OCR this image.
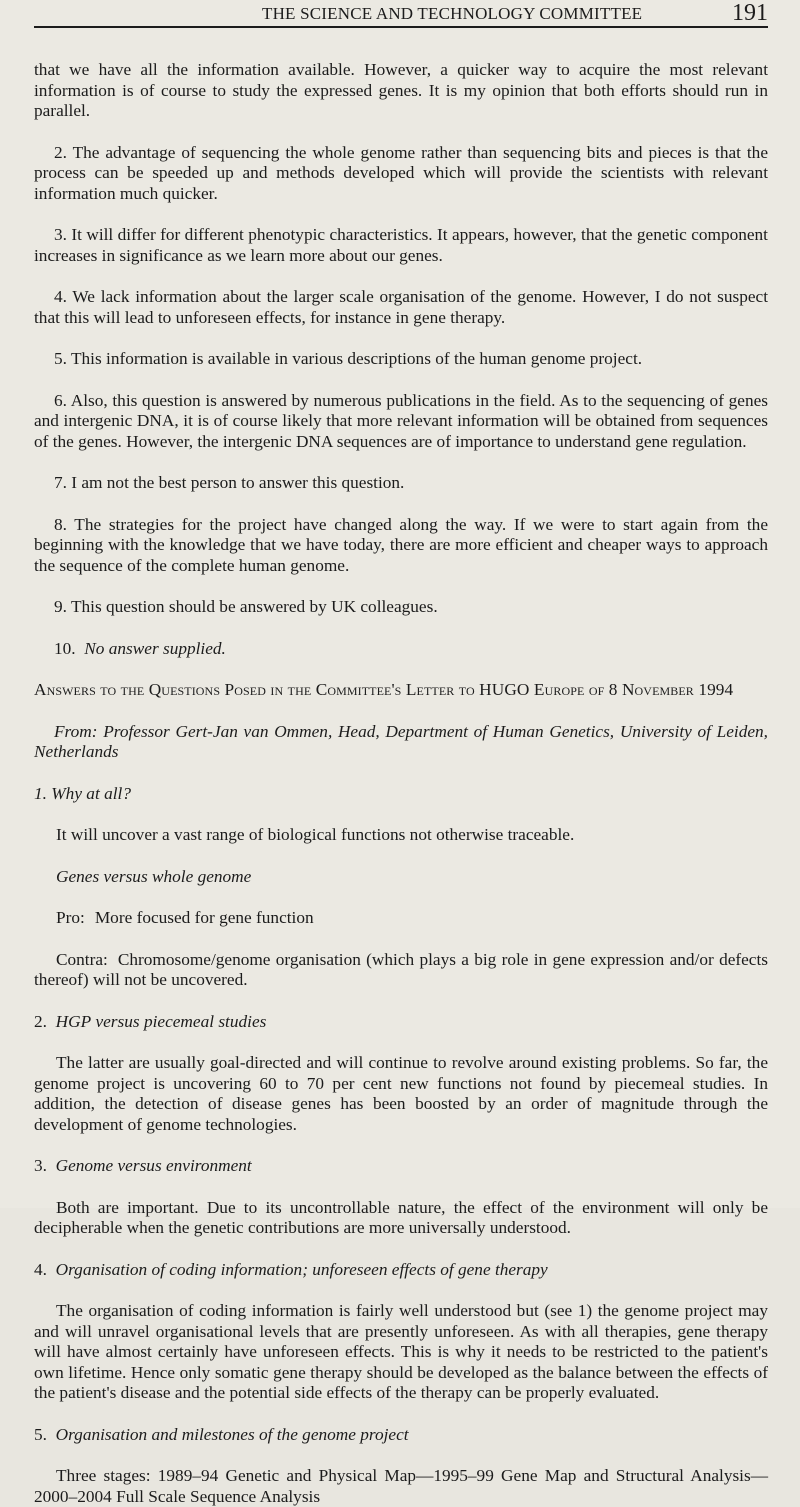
THE SCIENCE AND TECHNOLOGY COMMITTEE	191

that we have all the information available. However, a quicker way to acquire the most relevant information is of course to study the expressed genes. It is my opinion that both efforts should run in parallel.

2. The advantage of sequencing the whole genome rather than sequencing bits and pieces is that the process can be speeded up and methods developed which will provide the scientists with relevant information much quicker.

3. It will differ for different phenotypic characteristics. It appears, however, that the genetic component increases in significance as we learn more about our genes.

4. We lack information about the larger scale organisation of the genome. However, I do not suspect that this will lead to unforeseen effects, for instance in gene therapy.

5. This information is available in various descriptions of the human genome project.

6. Also, this question is answered by numerous publications in the field. As to the sequencing of genes and intergenic DNA, it is of course likely that more relevant information will be obtained from sequences of the genes. However, the intergenic DNA sequences are of importance to understand gene regulation.

7. I am not the best person to answer this question.

8. The strategies for the project have changed along the way. If we were to start again from the beginning with the knowledge that we have today, there are more efficient and cheaper ways to approach the sequence of the complete human genome.

9. This question should be answered by UK colleagues.

10. No answer supplied.

Answers to the Questions Posed in the Committee's Letter to HUGO Europe of 8 November 1994

From: Professor Gert-Jan van Ommen, Head, Department of Human Genetics, University of Leiden, Netherlands

1. Why at all?

It will uncover a vast range of biological functions not otherwise traceable.

Genes versus whole genome

Pro: More focused for gene function

Contra: Chromosome/genome organisation (which plays a big role in gene expression and/or defects thereof) will not be uncovered.

2. HGP versus piecemeal studies

The latter are usually goal-directed and will continue to revolve around existing problems. So far, the genome project is uncovering 60 to 70 per cent new functions not found by piecemeal studies. In addition, the detection of disease genes has been boosted by an order of magnitude through the development of genome technologies.

3. Genome versus environment

Both are important. Due to its uncontrollable nature, the effect of the environment will only be decipherable when the genetic contributions are more universally understood.

4. Organisation of coding information; unforeseen effects of gene therapy

The organisation of coding information is fairly well understood but (see 1) the genome project may and will unravel organisational levels that are presently unforeseen. As with all therapies, gene therapy will have almost certainly have unforeseen effects. This is why it needs to be restricted to the patient's own lifetime. Hence only somatic gene therapy should be developed as the balance between the effects of the patient's disease and the potential side effects of the therapy can be properly evaluated.

5. Organisation and milestones of the genome project

Three stages: 1989–94 Genetic and Physical Map—1995–99 Gene Map and Structural Analysis—2000–2004 Full Scale Sequence Analysis
